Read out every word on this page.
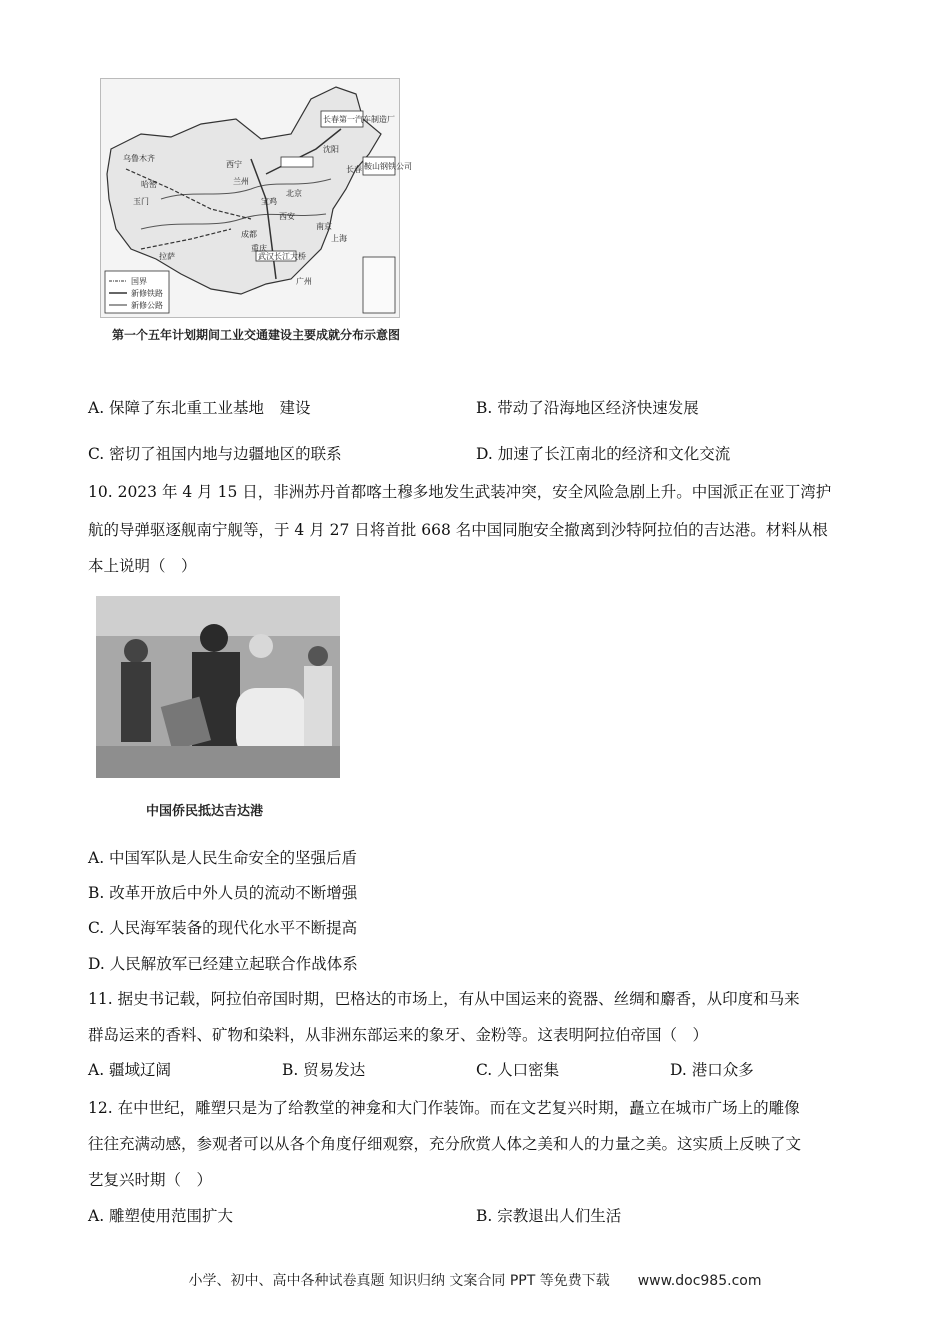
长春第一汽车制造厂
沈阳
长春 鞍山钢铁公司
北京
武汉长江大桥
西宁
兰州
宝鸡
成都
西安
重庆
拉萨
南京
上海
广州
乌鲁木齐
哈密
玉门
国界
新修铁路
新修公路
第一个五年计划期间工业交通建设主要成就分布示意图
A. 保障了东北重工业基地　建设	B. 带动了沿海地区经济快速发展
C. 密切了祖国内地与边疆地区的联系	D. 加速了长江南北的经济和文化交流
10. 2023 年 4 月 15 日，非洲苏丹首都喀土穆多地发生武装冲突，安全风险急剧上升。中国派正在亚丁湾护
航的导弹驱逐舰南宁舰等，于 4 月 27 日将首批 668 名中国同胞安全撤离到沙特阿拉伯的吉达港。材料从根
本上说明（　）
中国侨民抵达吉达港
A. 中国军队是人民生命安全的坚强后盾
B. 改革开放后中外人员的流动不断增强
C. 人民海军装备的现代化水平不断提高
D. 人民解放军已经建立起联合作战体系
11. 据史书记载，阿拉伯帝国时期，巴格达的市场上，有从中国运来的瓷器、丝绸和麝香，从印度和马来
群岛运来的香料、矿物和染料，从非洲东部运来的象牙、金粉等。这表明阿拉伯帝国（　）
A. 疆域辽阔	B. 贸易发达	C. 人口密集	D. 港口众多
12. 在中世纪，雕塑只是为了给教堂的神龛和大门作装饰。而在文艺复兴时期，矗立在城市广场上的雕像
往往充满动感，参观者可以从各个角度仔细观察，充分欣赏人体之美和人的力量之美。这实质上反映了文
艺复兴时期（　）
A. 雕塑使用范围扩大	B. 宗教退出人们生活
小学、初中、高中各种试卷真题 知识归纳 文案合同 PPT 等免费下载　　www.doc985.com
